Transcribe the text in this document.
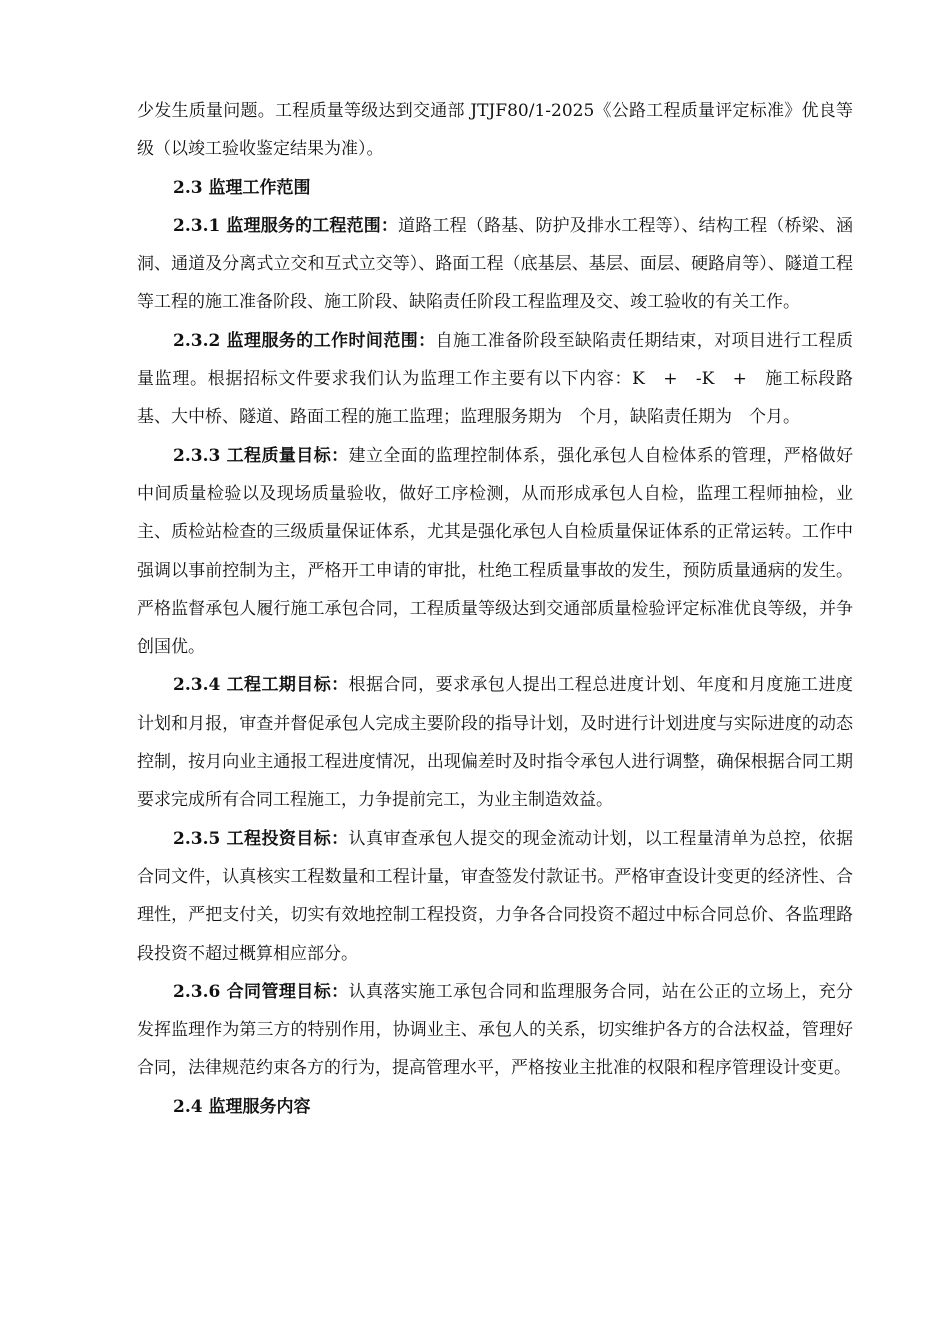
少发生质量问题。工程质量等级达到交通部 JTJF80/1-2025《公路工程质量评定标准》优良等级（以竣工验收鉴定结果为准）。

2.3 监理工作范围

2.3.1 监理服务的工程范围：道路工程（路基、防护及排水工程等）、结构工程（桥梁、涵洞、通道及分离式立交和互式立交等）、路面工程（底基层、基层、面层、硬路肩等）、隧道工程等工程的施工准备阶段、施工阶段、缺陷责任阶段工程监理及交、竣工验收的有关工作。

2.3.2 监理服务的工作时间范围：自施工准备阶段至缺陷责任期结束，对项目进行工程质量监理。根据招标文件要求我们认为监理工作主要有以下内容：K　+　-K　+　施工标段路基、大中桥、隧道、路面工程的施工监理；监理服务期为　个月，缺陷责任期为　个月。

2.3.3 工程质量目标：建立全面的监理控制体系，强化承包人自检体系的管理，严格做好中间质量检验以及现场质量验收，做好工序检测，从而形成承包人自检，监理工程师抽检，业主、质检站检查的三级质量保证体系，尤其是强化承包人自检质量保证体系的正常运转。工作中强调以事前控制为主，严格开工申请的审批，杜绝工程质量事故的发生，预防质量通病的发生。严格监督承包人履行施工承包合同，工程质量等级达到交通部质量检验评定标准优良等级，并争创国优。

2.3.4 工程工期目标：根据合同，要求承包人提出工程总进度计划、年度和月度施工进度计划和月报，审查并督促承包人完成主要阶段的指导计划，及时进行计划进度与实际进度的动态控制，按月向业主通报工程进度情况，出现偏差时及时指令承包人进行调整，确保根据合同工期要求完成所有合同工程施工，力争提前完工，为业主制造效益。

2.3.5 工程投资目标：认真审查承包人提交的现金流动计划，以工程量清单为总控，依据合同文件，认真核实工程数量和工程计量，审查签发付款证书。严格审查设计变更的经济性、合理性，严把支付关，切实有效地控制工程投资，力争各合同投资不超过中标合同总价、各监理路段投资不超过概算相应部分。

2.3.6 合同管理目标：认真落实施工承包合同和监理服务合同，站在公正的立场上，充分发挥监理作为第三方的特别作用，协调业主、承包人的关系，切实维护各方的合法权益，管理好合同，法律规范约束各方的行为，提高管理水平，严格按业主批准的权限和程序管理设计变更。

2.4 监理服务内容
